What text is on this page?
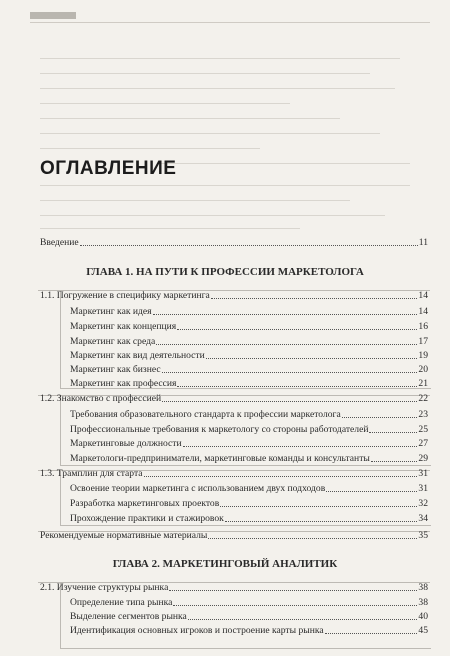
ОГЛАВЛЕНИЕ
Введение	11
ГЛАВА 1. НА ПУТИ К ПРОФЕССИИ МАРКЕТОЛОГА
1.1. Погружение в специфику маркетинга	14
Маркетинг как идея	14
Маркетинг как концепция	16
Маркетинг как среда	17
Маркетинг как вид деятельности	19
Маркетинг как бизнес	20
Маркетинг как профессия	21
1.2. Знакомство с профессией	22
Требования образовательного стандарта к профессии маркетолога	23
Профессиональные требования к маркетологу со стороны работодателей	25
Маркетинговые должности	27
Маркетологи-предприниматели, маркетинговые команды и консультанты	29
1.3. Трамплин для старта	31
Освоение теории маркетинга с использованием двух подходов	31
Разработка маркетинговых проектов	32
Прохождение практики и стажировок	34
Рекомендуемые нормативные материалы	35
ГЛАВА 2. МАРКЕТИНГОВЫЙ АНАЛИТИК
2.1. Изучение структуры рынка	38
Определение типа рынка	38
Выделение сегментов рынка	40
Идентификация основных игроков и построение карты рынка	45
